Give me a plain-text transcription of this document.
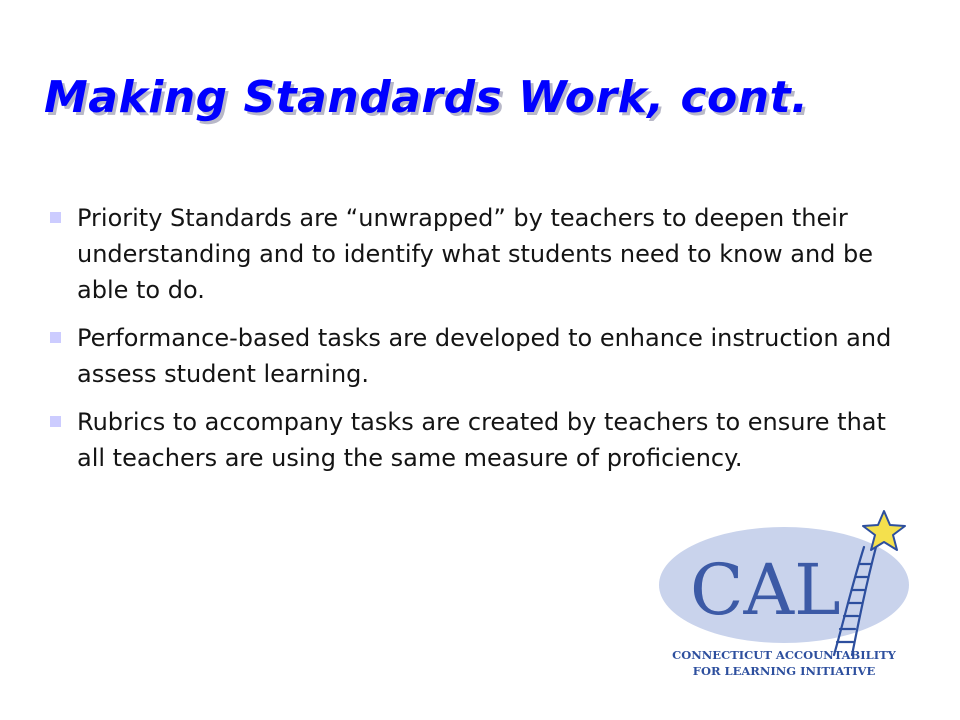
Making Standards Work, cont.
Priority Standards are “unwrapped” by teachers to deepen their understanding and to identify what students need to know and be able to do.
Performance-based tasks are developed to enhance instruction and assess student learning.
Rubrics to accompany tasks are created by teachers to ensure that all teachers are using the same measure of proficiency.
CAL
CONNECTICUT ACCOUNTABILITY
FOR LEARNING INITIATIVE
